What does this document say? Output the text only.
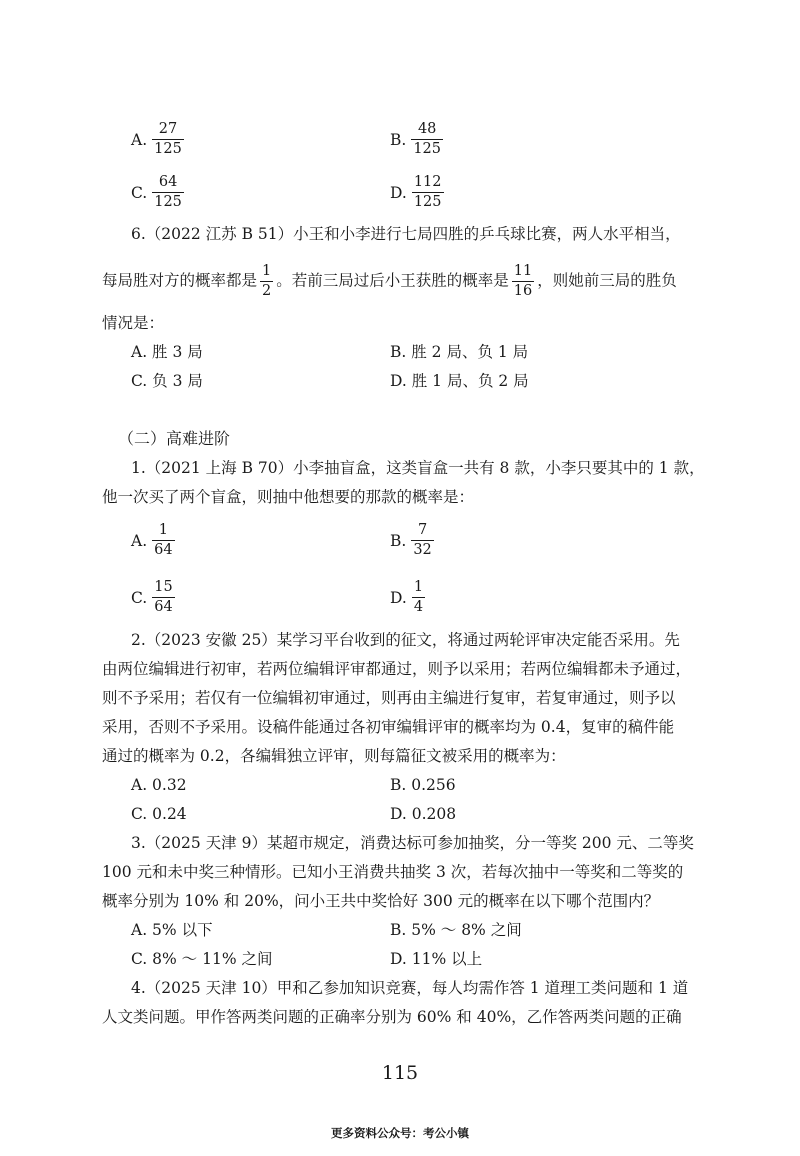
A. $\frac{27}{125}$	B. $\frac{48}{125}$
C. $\frac{64}{125}$	D. $\frac{112}{125}$
6.（2022 江苏 B 51）小王和小李进行七局四胜的乒乓球比赛，两人水平相当，
每局胜对方的概率都是 $\frac{1}{2}$ 。若前三局过后小王获胜的概率是 $\frac{11}{16}$ ，则她前三局的胜负
情况是：
A. 胜 3 局	B. 胜 2 局、负 1 局
C. 负 3 局	D. 胜 1 局、负 2 局
（二）高难进阶
1.（2021 上海 B 70）小李抽盲盒，这类盲盒一共有 8 款，小李只要其中的 1 款，
他一次买了两个盲盒，则抽中他想要的那款的概率是：
A. $\frac{1}{64}$	B. $\frac{7}{32}$
C. $\frac{15}{64}$	D. $\frac{1}{4}$
2.（2023 安徽 25）某学习平台收到的征文，将通过两轮评审决定能否采用。先
由两位编辑进行初审，若两位编辑评审都通过，则予以采用；若两位编辑都未予通过，
则不予采用；若仅有一位编辑初审通过，则再由主编进行复审，若复审通过，则予以
采用，否则不予采用。设稿件能通过各初审编辑评审的概率均为 0.4，复审的稿件能
通过的概率为 0.2，各编辑独立评审，则每篇征文被采用的概率为：
A. 0.32	B. 0.256
C. 0.24	D. 0.208
3.（2025 天津 9）某超市规定，消费达标可参加抽奖，分一等奖 200 元、二等奖
100 元和未中奖三种情形。已知小王消费共抽奖 3 次，若每次抽中一等奖和二等奖的
概率分别为 10% 和 20%，问小王共中奖恰好 300 元的概率在以下哪个范围内？
A. 5% 以下	B. 5% ～ 8% 之间
C. 8% ～ 11% 之间	D. 11% 以上
4.（2025 天津 10）甲和乙参加知识竞赛，每人均需作答 1 道理工类问题和 1 道
人文类问题。甲作答两类问题的正确率分别为 60% 和 40%，乙作答两类问题的正确
115
更多资料公众号：考公小镇
